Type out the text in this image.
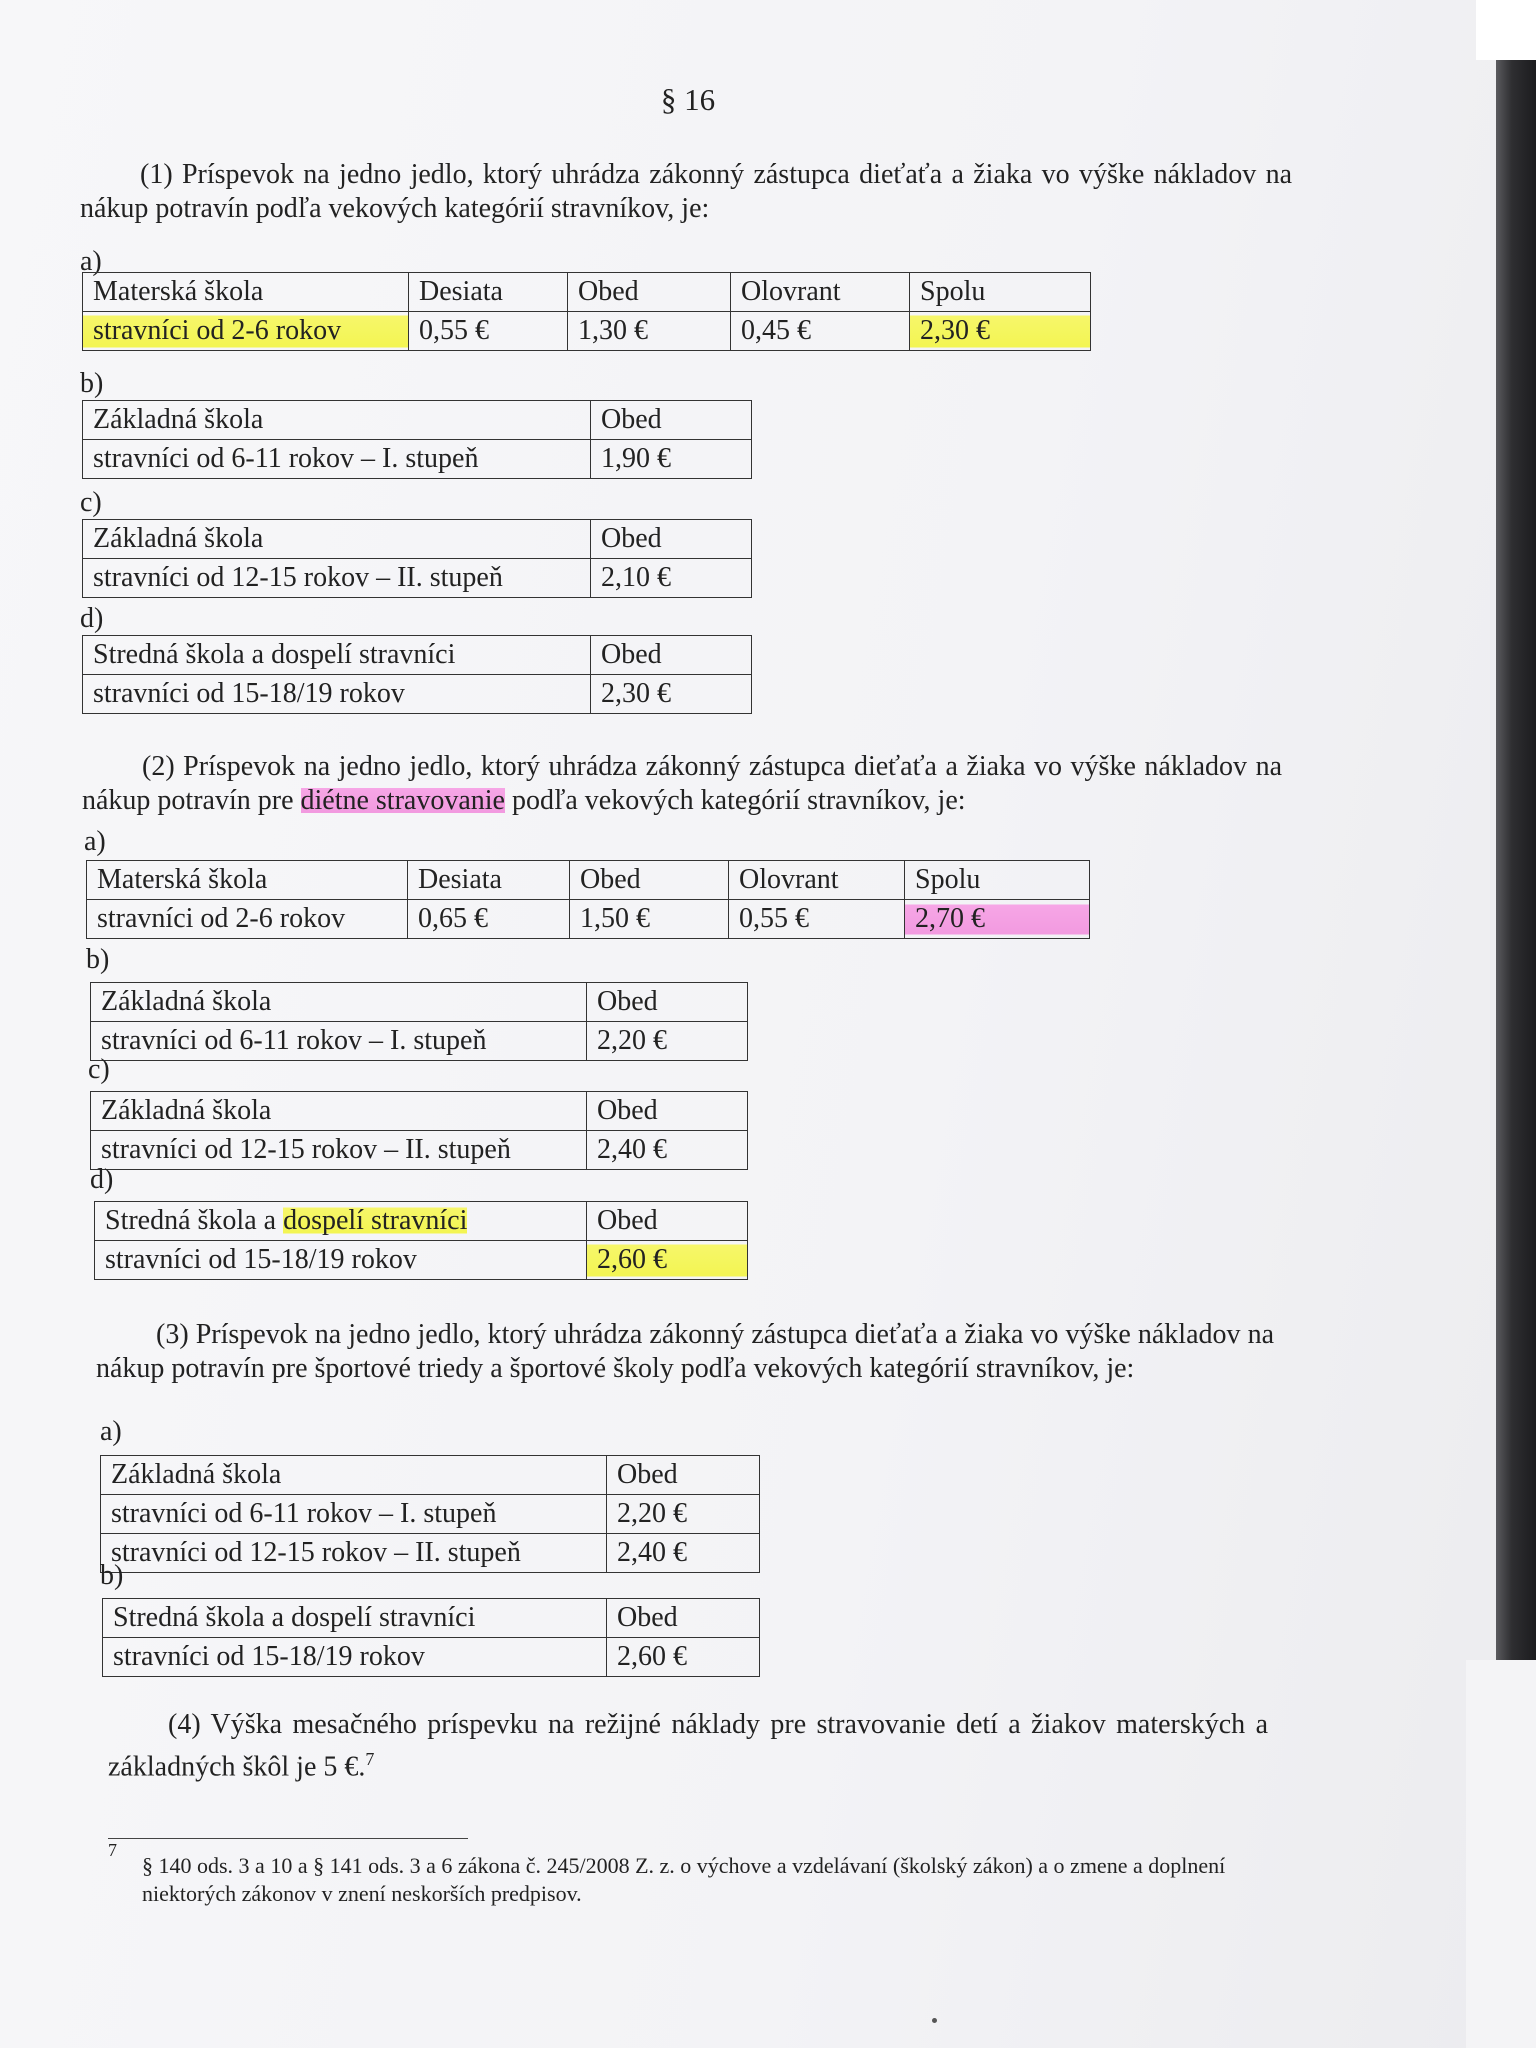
§ 16
(1) Príspevok na jedno jedlo, ktorý uhrádza zákonný zástupca dieťaťa a žiaka vo výške nákladov na nákup potravín podľa vekových kategórií stravníkov, je:
a)
Materská škola	Desiata	Obed	Olovrant	Spolu
stravníci od 2-6 rokov	0,55 €	1,30 €	0,45 €	2,30 €
b)
Základná škola	Obed
stravníci od 6-11 rokov – I. stupeň	1,90 €
c)
Základná škola	Obed
stravníci od 12-15 rokov – II. stupeň	2,10 €
d)
Stredná škola a dospelí stravníci	Obed
stravníci od 15-18/19 rokov	2,30 €
(2) Príspevok na jedno jedlo, ktorý uhrádza zákonný zástupca dieťaťa a žiaka vo výške nákladov na nákup potravín pre diétne stravovanie podľa vekových kategórií stravníkov, je:
a)
Materská škola	Desiata	Obed	Olovrant	Spolu
stravníci od 2-6 rokov	0,65 €	1,50 €	0,55 €	2,70 €
b)
Základná škola	Obed
stravníci od 6-11 rokov – I. stupeň	2,20 €
c)
Základná škola	Obed
stravníci od 12-15 rokov – II. stupeň	2,40 €
d)
Stredná škola a dospelí stravníci	Obed
stravníci od 15-18/19 rokov	2,60 €
(3) Príspevok na jedno jedlo, ktorý uhrádza zákonný zástupca dieťaťa a žiaka vo výške nákladov na nákup potravín pre športové triedy a športové školy podľa vekových kategórií stravníkov, je:
a)
Základná škola	Obed
stravníci od 6-11 rokov – I. stupeň	2,20 €
stravníci od 12-15 rokov – II. stupeň	2,40 €
b)
Stredná škola a dospelí stravníci	Obed
stravníci od 15-18/19 rokov	2,60 €
(4) Výška mesačného príspevku na režijné náklady pre stravovanie detí a žiakov materských a základných škôl je 5 €.$^7$
7
§ 140 ods. 3 a 10 a § 141 ods. 3 a 6 zákona č. 245/2008 Z. z. o výchove a vzdelávaní (školský zákon) a o zmene a doplnení niektorých zákonov v znení neskorších predpisov.
